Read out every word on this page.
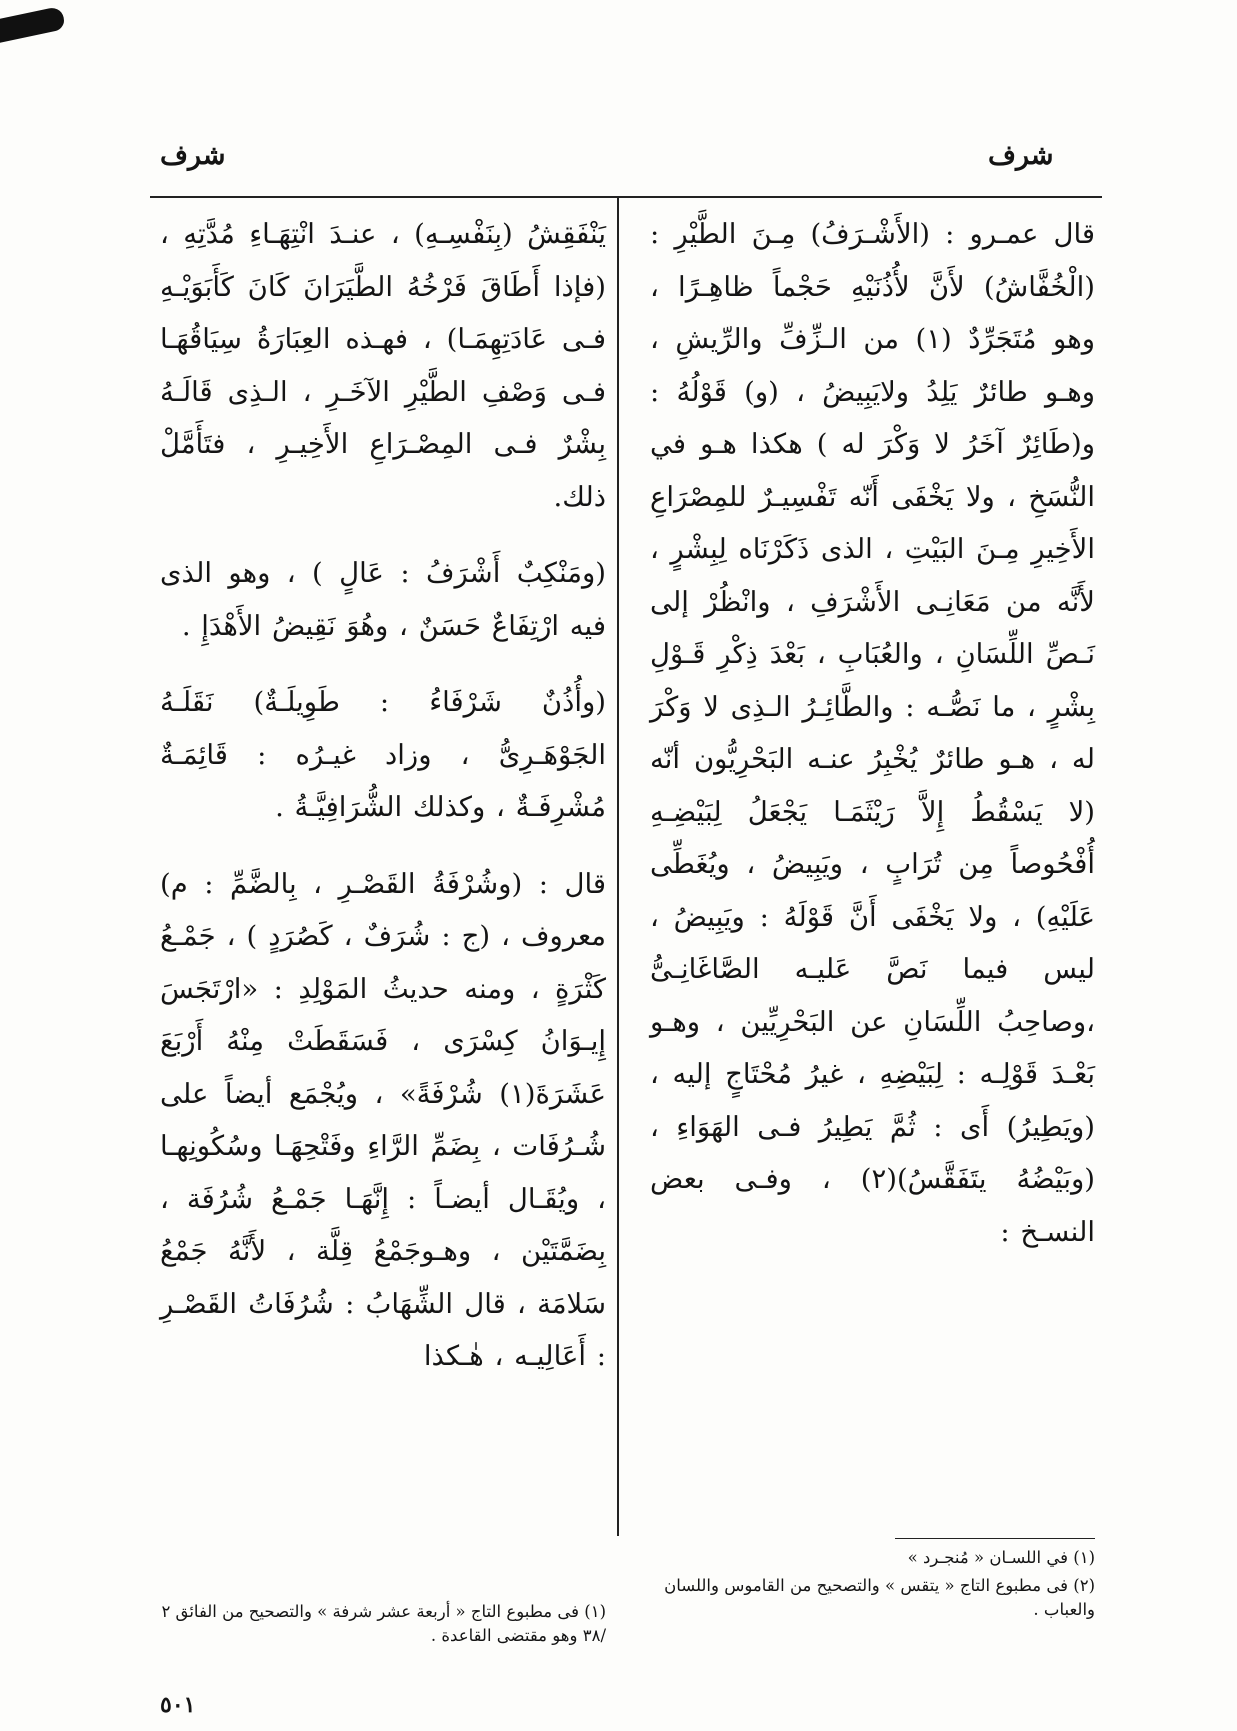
شرف	شرف

قال عمـرو : (الأَشْـرَفُ) مِـنَ الطَّيْرِ : (الْخُفَّاشُ) لأَنَّ لأُذُنَيْهِ حَجْماً ظاهِـرًا ، وهو مُتَجَرِّدٌ (١) من الـزِّفِّ والرِّيشِ ، وهـو طائرٌ يَلِدُ ولايَبِيضُ ، (و) قَوْلُهُ : و(طَائِرٌ آخَرُ لا وَكْرَ له ) هكذا هـو في النُّسَخِ ، ولا يَخْفَى أَنّه تَفْسِيـرٌ للمِصْرَاعِ الأَخِيرِ مِـنَ البَيْتِ ، الذى ذَكَرْنَاه لِبِشْرٍ ، لأَنَّه من مَعَانِـى الأَشْرَفِ ، وانْظُرْ إلى نَـصِّ اللِّسَانِ ، والعُبَابِ ، بَعْدَ ذِكْرِ قَـوْلِ بِشْرٍ ، ما نَصُّـه : والطَّائِـرُ الـذِى لا وَكْرَ له ، هـو طائرٌ يُخْبِرُ عنـه البَحْرِيُّون أنّه (لا يَسْقُطُ إِلاَّ رَيْثَمَـا يَجْعَلُ لِبَيْضِـهِ أُفْحُوصاً مِن تُرَابٍ ، ويَبِيضُ ، ويُغَطِّى عَلَيْهِ) ، ولا يَخْفَى أَنَّ قَوْلَهُ : ويَبِيضُ ، ليس فيما نَصَّ عَليـه الصَّاغَانِـىُّ ،وصاحِبُ اللِّسَانِ عن البَحْرِيِّين ، وهـو بَعْـدَ قَوْلِـه : لِبَيْضِهِ ، غيرُ مُحْتَاجٍ إليه ، (ويَطِيرُ) أَى : ثُمَّ يَطِيرُ فـى الهَوَاءِ ، (وبَيْضُهُ يتَفَقَّسُ)(٢) ، وفـى بعض النسـخ :

يَنْفَقِشُ (بِنَفْسِـهِ) ، عنـدَ انْتِهَـاءِ مُدَّتِهِ ، (فإذا أَطَاقَ فَرْخُهُ الطَّيَرَانَ كَانَ كَأَبَوَيْـهِ فـى عَادَتِهِمَـا) ، فهـذه العِبَارَةُ سِيَاقُهَـا فـى وَصْفِ الطَّيْرِ الآخَـرِ ، الـذِى قَالَـهُ بِشْرٌ فـى المِصْـرَاعِ الأَخِيـرِ ، فتَأَمَّلْ ذلك.

(ومَنْكِبٌ أَشْرَفُ : عَالٍ ) ، وهو الذى فيه ارْتِفَاعٌ حَسَنٌ ، وهُوَ نَقِيضُ الأَهْدَإِ .

(وأُذُنٌ شَرْفَاءُ : طَوِيلَـةٌ) نَقَلَـهُ الجَوْهَـرِىُّ ، وزاد غيـرُه : قَائِمَـةٌ مُشْرِفَـةٌ ، وكذلك الشُّرَافِيَّـةُ .

قال : (وشُرْفَةُ القَصْـرِ ، بِالضَّمِّ : م) معروف ، (ج : شُرَفٌ ، كَصُرَدٍ ) ، جَمْـعُ كَثْرَةٍ ، ومنه حديثُ المَوْلِدِ : «ارْتَجَسَ إِيـوَانُ كِسْرَى ، فَسَقَطَتْ مِنْهُ أَرْبَعَ عَشَرَةَ(١) شُرْفَةً» ، ويُجْمَع أيضاً على شُـرُفَات ، بِضَمِّ الرَّاءِ وفَتْحِهَـا وسُكُونِهـا ، ويُقَـال أيضـاً : إِنَّهَـا جَمْـعُ شُرُفَة ، بِضَمَّتَيْن ، وهـوجَمْعُ قِلَّة ، لأَنَّهُ جَمْعُ سَلامَة ، قال الشِّهَابُ : شُرُفَاتُ القَصْـرِ : أَعَالِيـه ، هٰـكذا

(١) في اللسـان « مُنجـرد »

(٢) فى مطبوع التاج « يتقس » والتصحيح من القاموس واللسان والعباب .

(١) فى مطبوع التاج « أربعة عشر شرفة » والتصحيح من الفائق ٢ /٣٨ وهو مقتضى القاعدة .

٥٠١
